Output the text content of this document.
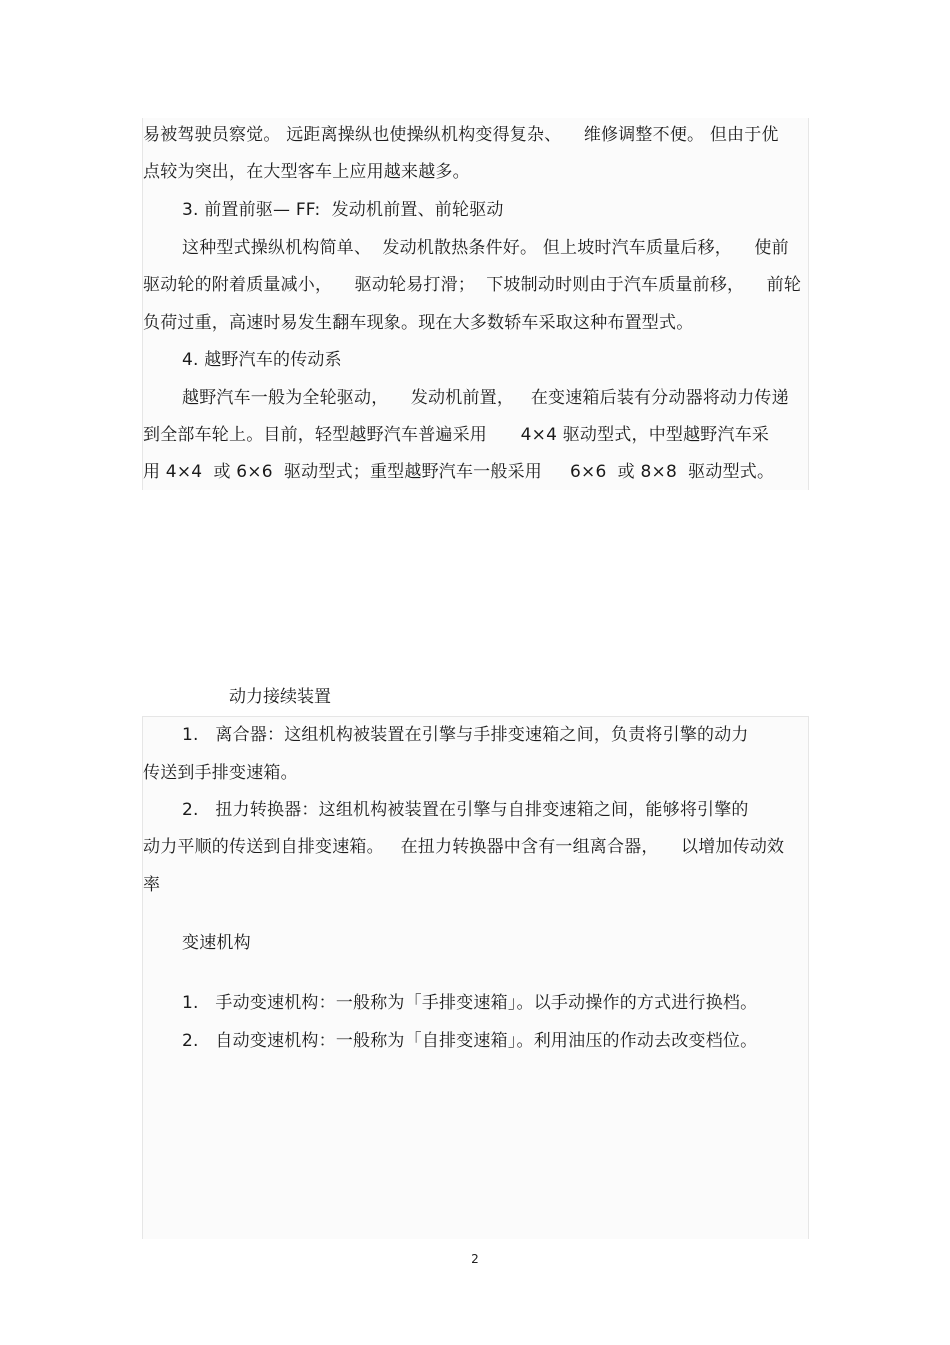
易被驾驶员察觉。 远距离操纵也使操纵机构变得复杂、    维修调整不便。 但由于优
点较为突出，在大型客车上应用越来越多。
3. 前置前驱— FF:  发动机前置、前轮驱动
这种型式操纵机构简单、  发动机散热条件好。 但上坡时汽车质量后移，    使前
驱动轮的附着质量减小，    驱动轮易打滑；  下坡制动时则由于汽车质量前移，    前轮
负荷过重，高速时易发生翻车现象。现在大多数轿车采取这种布置型式。
4. 越野汽车的传动系
越野汽车一般为全轮驱动，    发动机前置，   在变速箱后装有分动器将动力传递
到全部车轮上。目前，轻型越野汽车普遍采用      4×4 驱动型式，中型越野汽车采
用 4×4  或 6×6  驱动型式；重型越野汽车一般采用     6×6  或 8×8  驱动型式。
动力接续装置
1.   离合器：这组机构被装置在引擎与手排变速箱之间，负责将引擎的动力
传送到手排变速箱。
2.   扭力转换器：这组机构被装置在引擎与自排变速箱之间，能够将引擎的
动力平顺的传送到自排变速箱。   在扭力转换器中含有一组离合器，    以增加传动效
率
变速机构
1.   手动变速机构：一般称为「手排变速箱」。以手动操作的方式进行换档。
2.   自动变速机构：一般称为「自排变速箱」。利用油压的作动去改变档位。
2
